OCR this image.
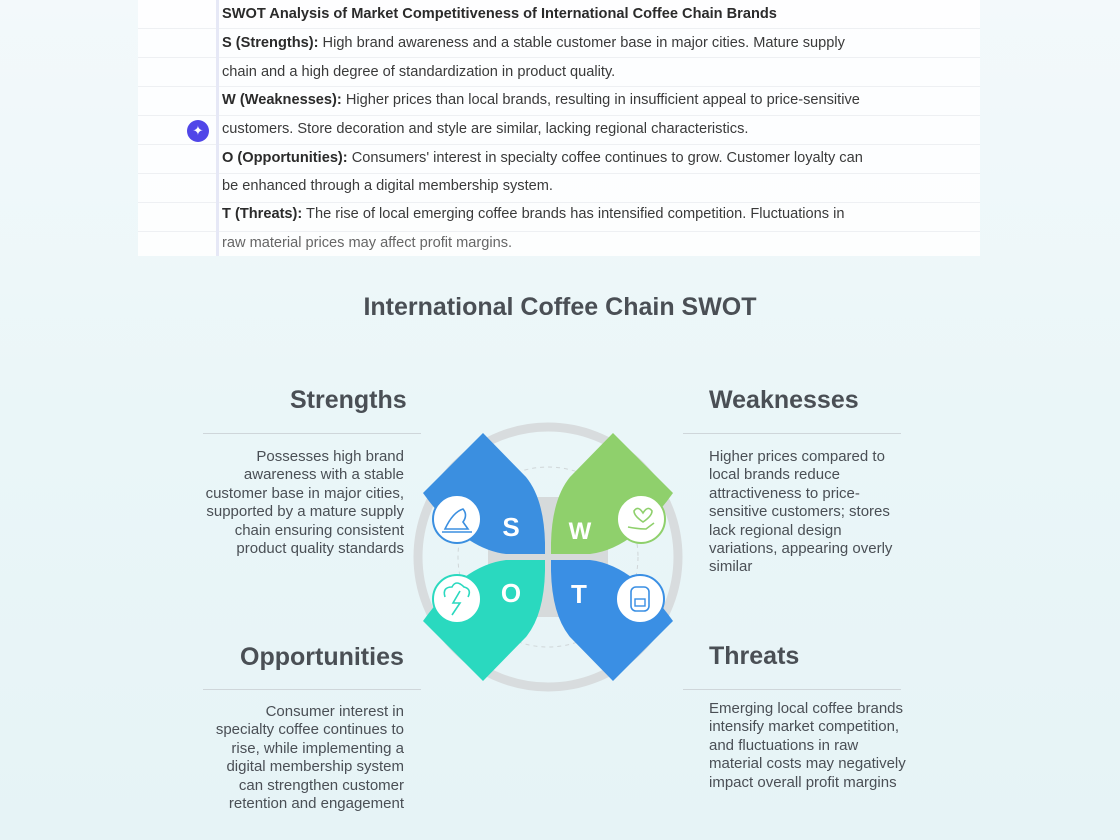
✦
SWOT Analysis of Market Competitiveness of International Coffee Chain Brands
S (Strengths): High brand awareness and a stable customer base in major cities. Mature supply
chain and a high degree of standardization in product quality.
W (Weaknesses): Higher prices than local brands, resulting in insufficient appeal to price-sensitive
customers. Store decoration and style are similar, lacking regional characteristics.
O (Opportunities): Consumers' interest in specialty coffee continues to grow. Customer loyalty can
be enhanced through a digital membership system.
T (Threats): The rise of local emerging coffee brands has intensified competition. Fluctuations in
raw material prices may affect profit margins.
International Coffee Chain SWOT
Strengths
Possesses high brand awareness with a stable customer base in major cities, supported by a mature supply chain ensuring consistent product quality standards
Weaknesses
Higher prices compared to local brands reduce attractiveness to price-sensitive customers; stores lack regional design variations, appearing overly similar
Opportunities
Consumer interest in specialty coffee continues to rise, while implementing a digital membership system can strengthen customer retention and engagement
Threats
Emerging local coffee brands intensify market competition, and fluctuations in raw material costs may negatively impact overall profit margins
S W
O T
